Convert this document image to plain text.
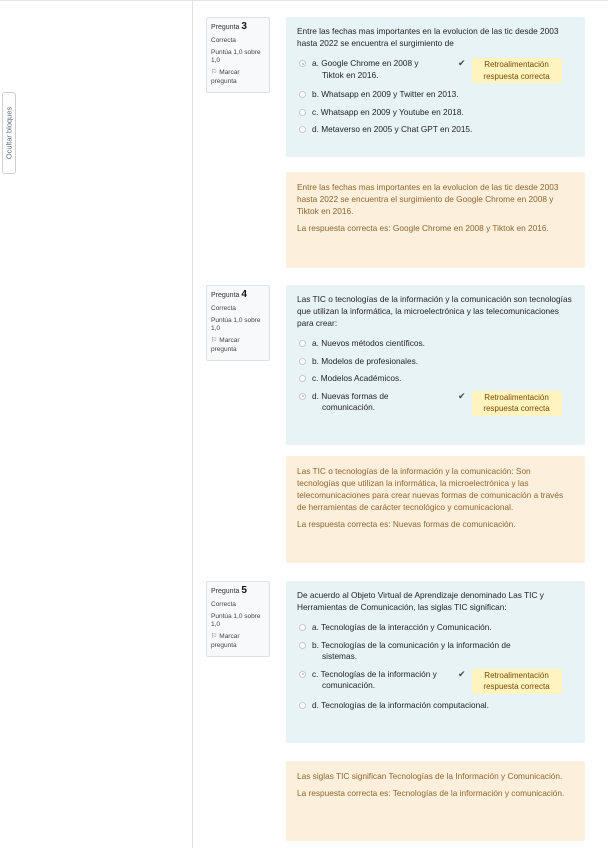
Ocultar bloques
Pregunta 3
Correcta
Puntúa 1,0 sobre 1,0
⚐ Marcar pregunta
Entre las fechas mas importantes en la evolucion de las tic desde 2003 hasta 2022 se encuentra el surgimiento de
a. Google Chrome en 2008 y
Tiktok en 2016.
✔	Retroalimentación respuesta correcta
b. Whatsapp en 2009 y Twitter en 2013.
c. Whatsapp en 2009 y Youtube en 2018.
d. Metaverso en 2005 y Chat GPT en 2015.
Entre las fechas mas importantes en la evolucion de las tic desde 2003 hasta 2022 se encuentra el surgimiento de Google Chrome en 2008 y Tiktok en 2016.
La respuesta correcta es: Google Chrome en 2008 y Tiktok en 2016.
Pregunta 4
Correcta
Puntúa 1,0 sobre 1,0
⚐ Marcar pregunta
Las TIC o tecnologías de la información y la comunicación son tecnologías que utilizan la informática, la microelectrónica y las telecomunicaciones para crear:
a. Nuevos métodos científicos.
b. Modelos de profesionales.
c. Modelos Académicos.
d. Nuevas formas de
comunicación.
✔	Retroalimentación respuesta correcta
Las TIC o tecnologías de la información y la comunicación: Son tecnologías que utilizan la informática, la microelectrónica y las telecomunicaciones para crear nuevas formas de comunicación a través de herramientas de carácter tecnológico y comunicacional.
La respuesta correcta es: Nuevas formas de comunicación.
Pregunta 5
Correcta
Puntúa 1,0 sobre 1,0
⚐ Marcar pregunta
De acuerdo al Objeto Virtual de Aprendizaje denominado Las TIC y Herramientas de Comunicación, las siglas TIC significan:
a. Tecnologías de la interacción y Comunicación.
b. Tecnologías de la comunicación y la información de
sistemas.
c. Tecnologías de la información y
comunicación.
✔	Retroalimentación respuesta correcta
d. Tecnologías de la información computacional.
Las siglas TIC significan Tecnologías de la Información y Comunicación.
La respuesta correcta es: Tecnologías de la información y comunicación.
